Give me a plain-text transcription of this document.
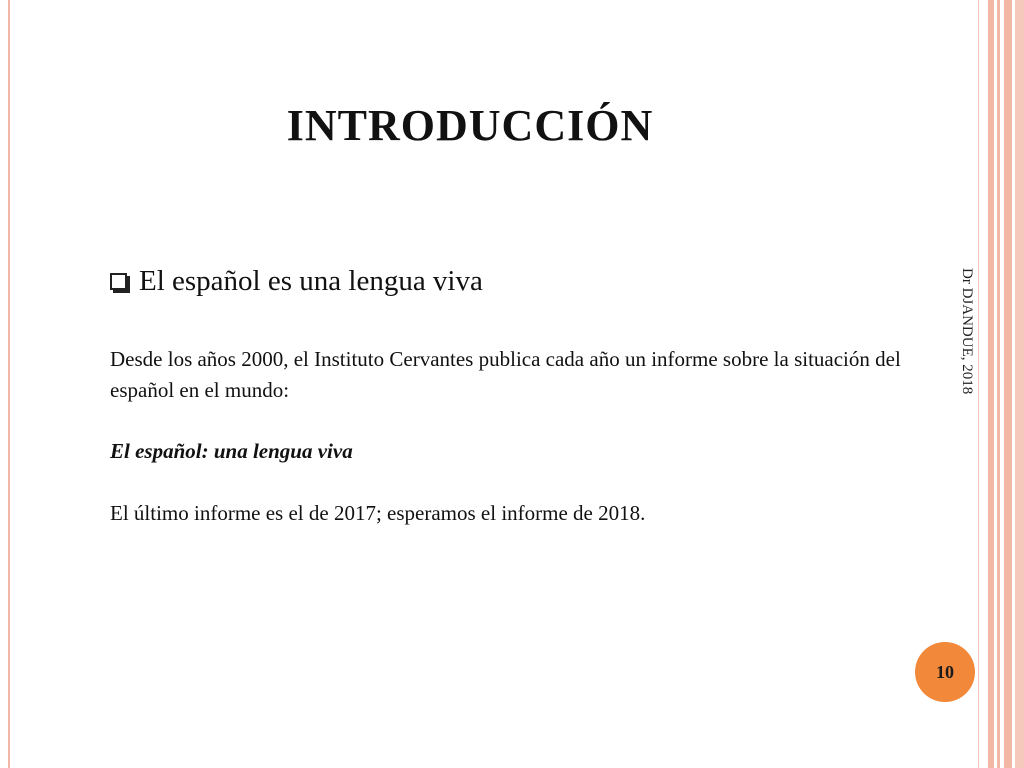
INTRODUCCIÓN
El español es una lengua viva

Desde los años 2000, el Instituto Cervantes publica cada año un informe sobre la situación del español en el mundo:

El español: una lengua viva

El último informe es el de 2017; esperamos el informe de 2018.

Dr DJANDUE, 2018
10
